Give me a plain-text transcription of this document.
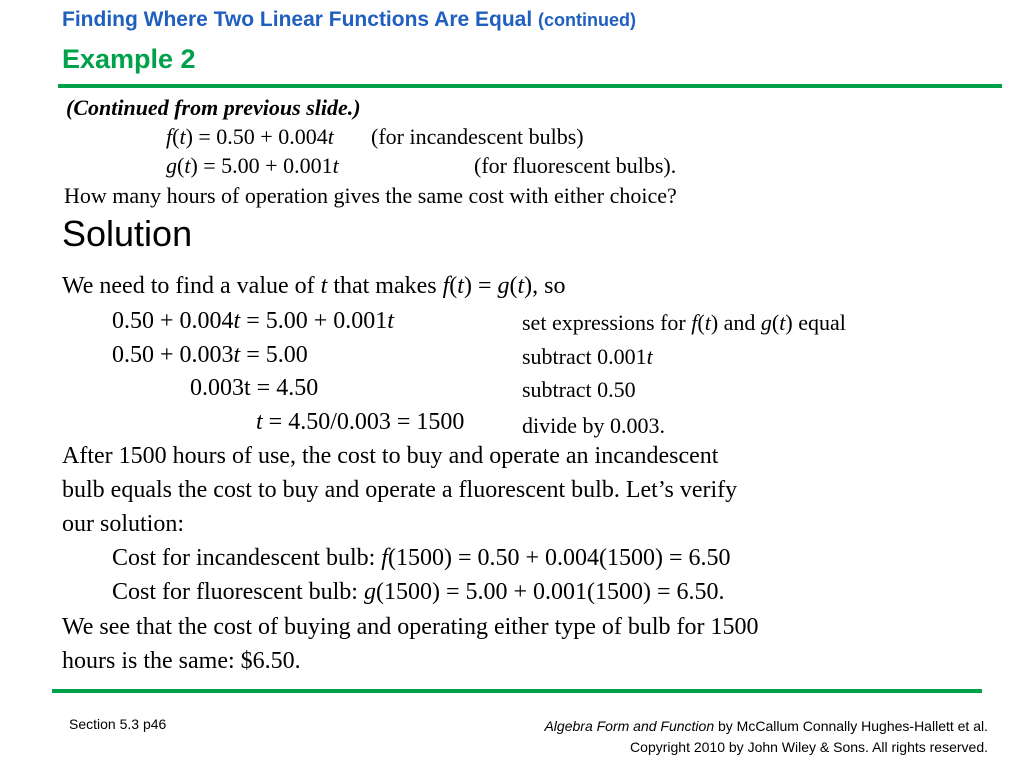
Finding Where Two Linear Functions Are Equal (continued)
Example 2
(Continued from previous slide.)
f(t) = 0.50 + 0.004t (for incandescent bulbs)
g(t) = 5.00 + 0.001t	(for fluorescent bulbs).
How many hours of operation gives the same cost with either choice?
Solution
We need to find a value of t that makes f(t) = g(t), so
0.50 + 0.004t = 5.00 + 0.001t	set expressions for f(t) and g(t) equal
0.50 + 0.003t = 5.00	subtract 0.001t
0.003t = 4.50	subtract 0.50
t = 4.50/0.003 = 1500	divide by 0.003.
After 1500 hours of use, the cost to buy and operate an incandescent
bulb equals the cost to buy and operate a fluorescent bulb. Let’s verify
our solution:
Cost for incandescent bulb: f(1500) = 0.50 + 0.004(1500) = 6.50
Cost for fluorescent bulb: g(1500) = 5.00 + 0.001(1500) = 6.50.
We see that the cost of buying and operating either type of bulb for 1500
hours is the same: $6.50.
Section 5.3 p46	Algebra Form and Function by McCallum Connally Hughes-Hallett et al.
Copyright 2010 by John Wiley & Sons. All rights reserved.
